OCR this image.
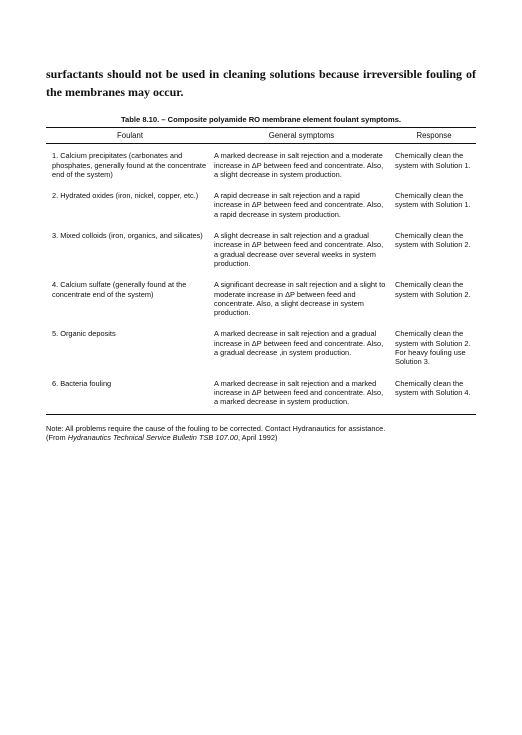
surfactants should not be used in cleaning solutions because irreversible fouling of the membranes may occur.

Table 8.10. – Composite polyamide RO membrane element foulant symptoms.
Foulant	General symptoms	Response
1. Calcium precipitates (carbonates and phosphates, generally found at the concentrate end of the system)	A marked decrease in salt rejection and a moderate increase in ΔP between feed and concentrate. Also, a slight decrease in system production.	Chemically clean the system with Solution 1.
2. Hydrated oxides (iron, nickel, copper, etc.)	A rapid decrease in salt rejection and a rapid increase in ΔP between feed and concentrate. Also, a rapid decrease in system production.	Chemically clean the system with Solution 1.
3. Mixed colloids (iron, organics, and silicates)	A slight decrease in salt rejection and a gradual increase in ΔP between feed and concentrate. Also, a gradual decrease over several weeks in system production.	Chemically clean the system with Solution 2.
4. Calcium sulfate (generally found at the concentrate end of the system)	A significant decrease in salt rejection and a slight to moderate increase in ΔP between feed and concentrate. Also, a slight decrease in system production.	Chemically clean the system with Solution 2.
5. Organic deposits	A marked decrease in salt rejection and a gradual increase in ΔP between feed and concentrate. Also, a gradual decrease ,in system production.	Chemically clean the system with Solution 2. For heavy fouling use Solution 3.
6. Bacteria fouling	A marked decrease in salt rejection and a marked increase in ΔP between feed and concentrate. Also, a marked decrease in system production.	Chemically clean the system with Solution 4.
Note: All problems require the cause of the fouling to be corrected. Contact Hydranautics for assistance.
(From Hydranautics Technical Service Bulletin TSB 107.00, April 1992)
